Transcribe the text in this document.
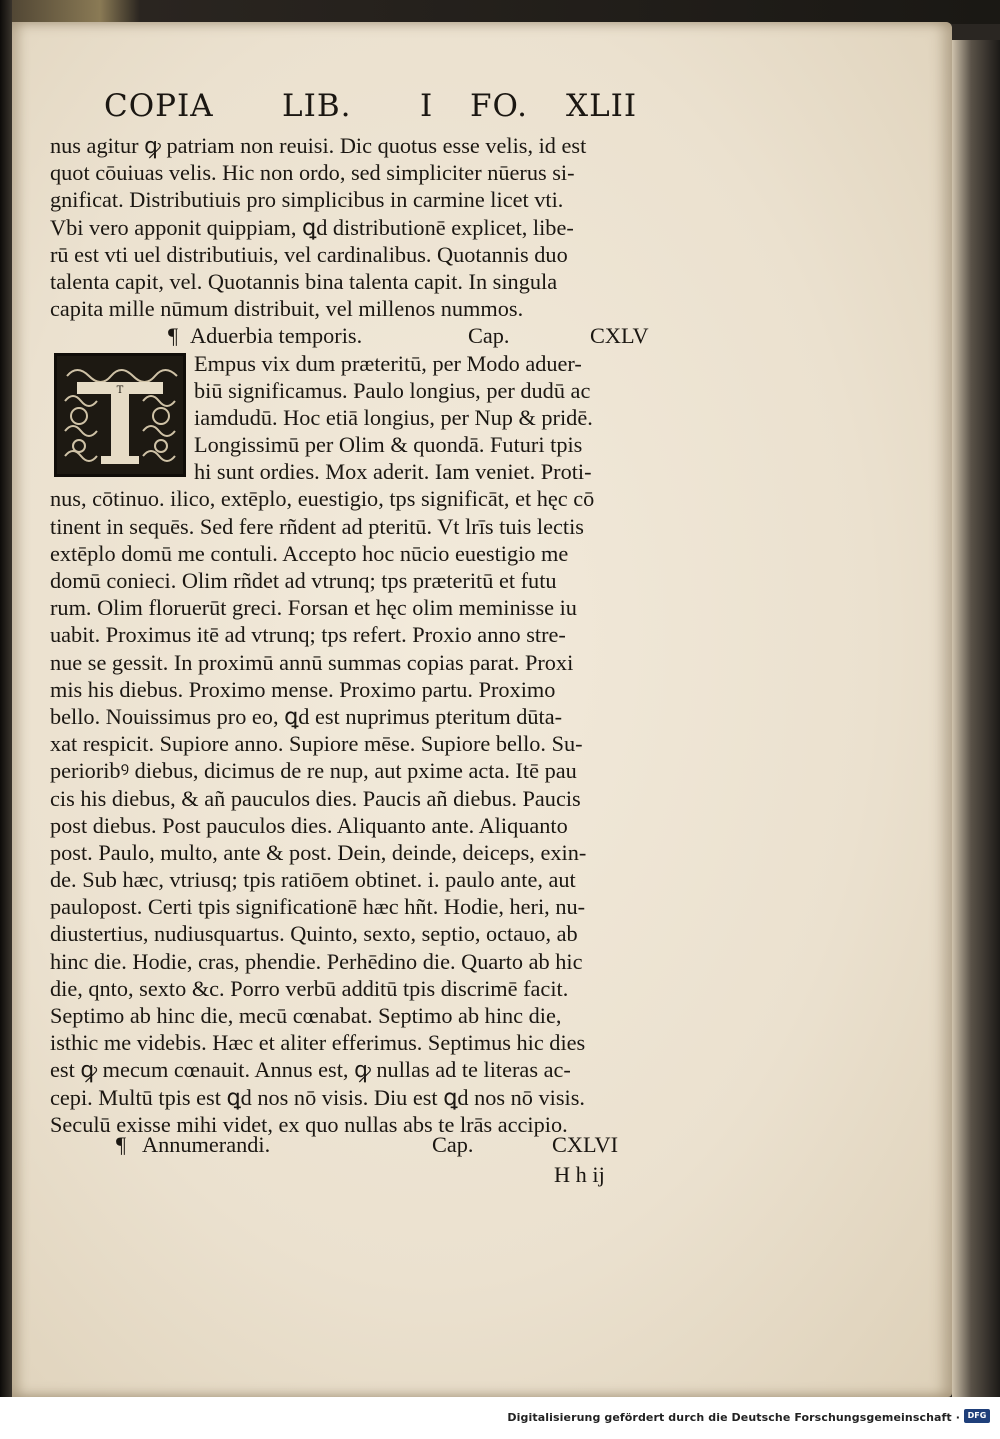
COPIA LIB. I FO. XLII
T
nus agitur ꝙ patriam non reuisi. Dic quotus esse velis, id est
quot cōuiuas velis. Hic non ordo, sed simpliciter nūerus si-
gnificat. Distributiuis pro simplicibus in carmine licet vti.
Vbi vero apponit quippiam, ꝗd distributionē explicet, libe-
rū est vti uel distributiuis, vel cardinalibus. Quotannis duo
talenta capit, vel. Quotannis bina talenta capit. In singula
capita mille nūmum distribuit, vel millenos nummos.
¶ Aduerbia temporis.	Cap.	CXLV
Empus vix dum præteritū, per Modo aduer-
biū significamus. Paulo longius, per dudū ac
iamdudū. Hoc etiā longius, per Nup & pridē.
Longissimū per Olim & quondā. Futuri tpis
hi sunt ordies. Mox aderit. Iam veniet. Proti-
nus, cōtinuo. ilico, extēplo, euestigio, tps significāt, et hęc cō
tinent in sequēs. Sed fere rñdent ad pteritū. Vt lrīs tuis lectis
extēplo domū me contuli. Accepto hoc nūcio euestigio me
domū conieci. Olim rñdet ad vtrunq; tps præteritū et futu
rum. Olim floruerūt greci. Forsan et hęc olim meminisse iu
uabit. Proximus itē ad vtrunq; tps refert. Proxio anno stre-
nue se gessit. In proximū annū summas copias parat. Proxi
mis his diebus. Proximo mense. Proximo partu. Proximo
bello. Nouissimus pro eo, ꝗd est nuprimus pteritum dūta-
xat respicit. Supiore anno. Supiore mēse. Supiore bello. Su-
perioribꝰ diebus, dicimus de re nup, aut pxime acta. Itē pau
cis his diebus, & añ pauculos dies. Paucis añ diebus. Paucis
post diebus. Post pauculos dies. Aliquanto ante. Aliquanto
post. Paulo, multo, ante & post. Dein, deinde, deiceps, exin-
de. Sub hæc, vtriusq; tpis ratiōem obtinet. i. paulo ante, aut
paulopost. Certi tpis significationē hæc hñt. Hodie, heri, nu-
diustertius, nudiusquartus. Quinto, sexto, septio, octauo, ab
hinc die. Hodie, cras, phendie. Perhēdino die. Quarto ab hic
die, qnto, sexto &c. Porro verbū additū tpis discrimē facit.
Septimo ab hinc die, mecū cœnabat. Septimo ab hinc die,
isthic me videbis. Hæc et aliter efferimus. Septimus hic dies
est ꝙ mecum cœnauit. Annus est, ꝙ nullas ad te literas ac-
cepi. Multū tpis est ꝗd nos nō visis. Diu est ꝗd nos nō visis.
Seculū exisse mihi videt, ex quo nullas abs te lrās accipio.
¶ Annumerandi.	Cap.	CXLVI
H h ij
Digitalisierung gefördert durch die Deutsche Forschungsgemeinschaft · DFG
